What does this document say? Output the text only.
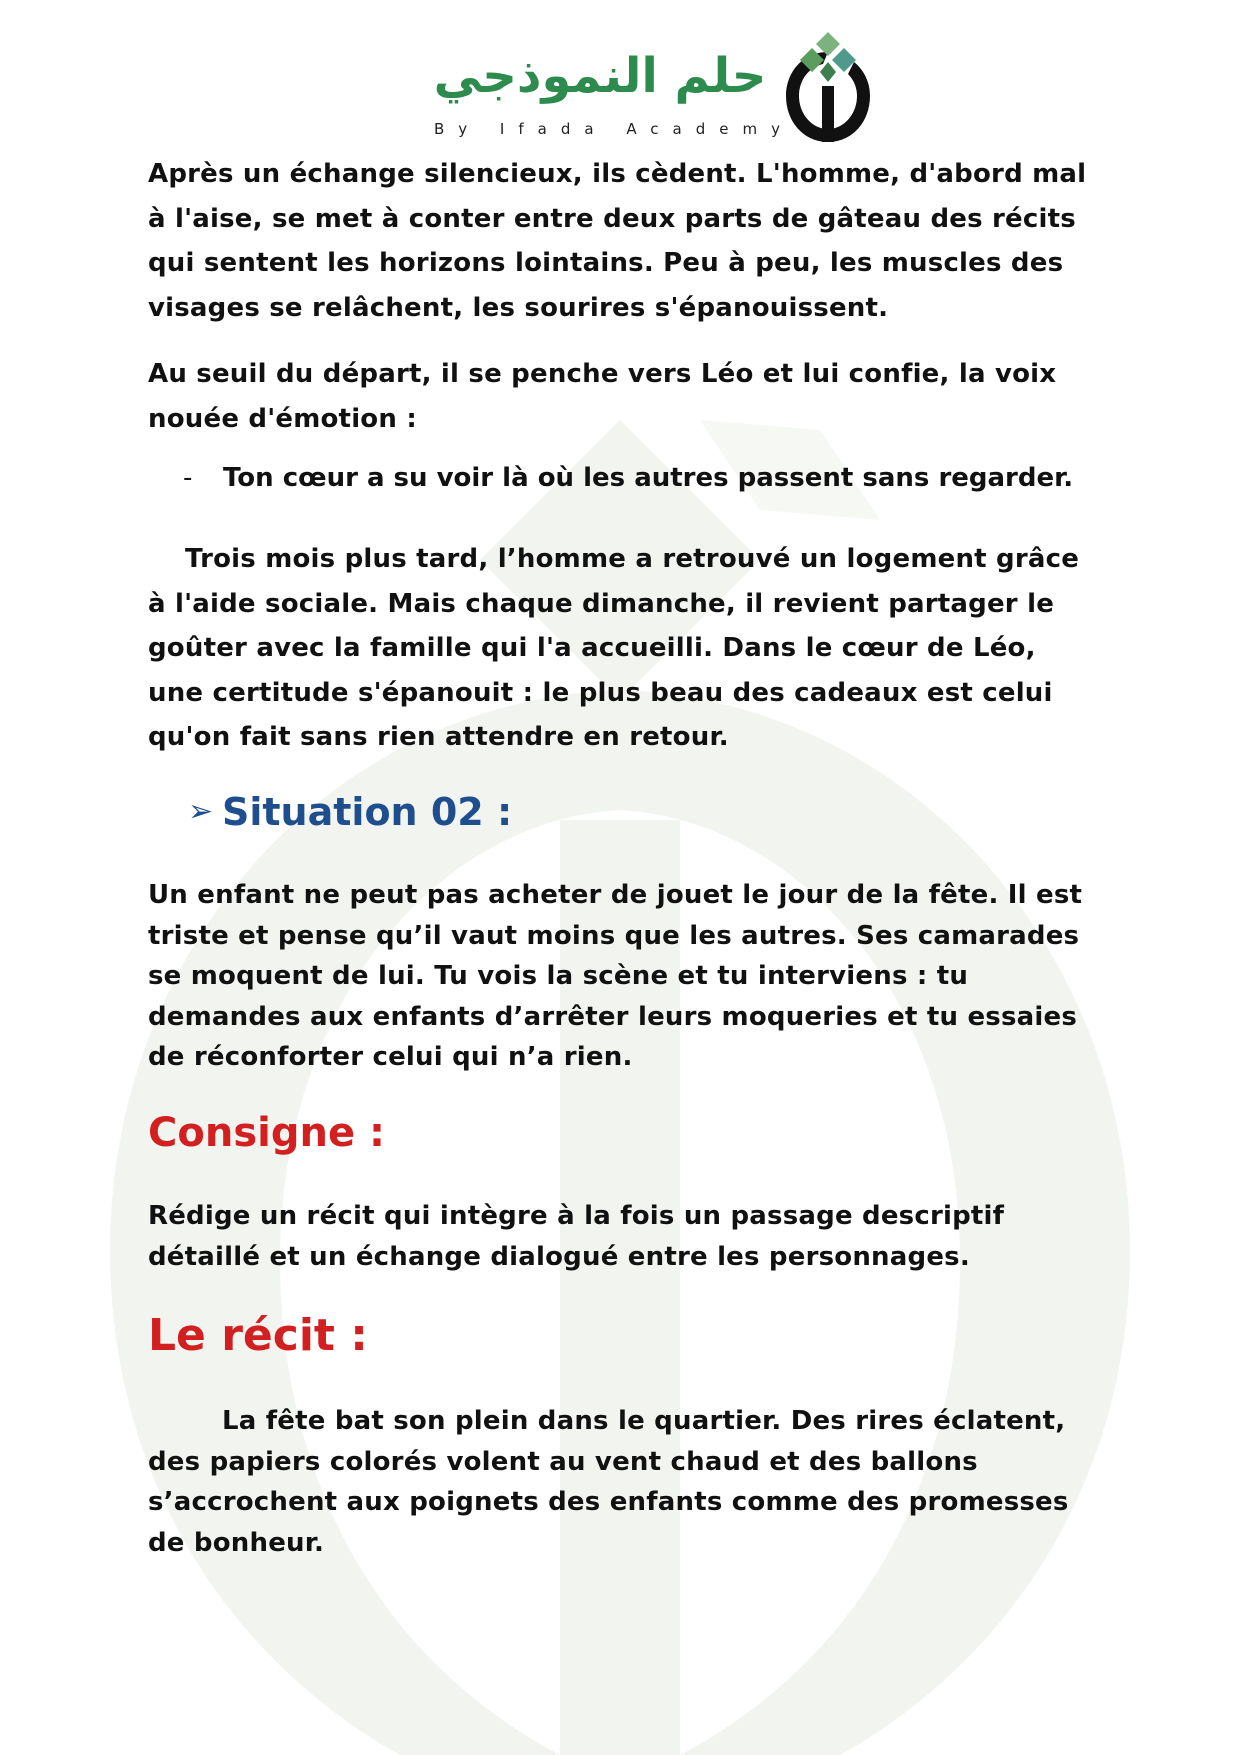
حلم النموذجي
By Ifada Academy
Après un échange silencieux, ils cèdent. L'homme, d'abord mal à l'aise, se met à conter entre deux parts de gâteau des récits qui sentent les horizons lointains. Peu à peu, les muscles des visages se relâchent, les sourires s'épanouissent.
Au seuil du départ, il se penche vers Léo et lui confie, la voix nouée d'émotion :
- Ton cœur a su voir là où les autres passent sans regarder.
Trois mois plus tard, l’homme a retrouvé un logement grâce à l'aide sociale. Mais chaque dimanche, il revient partager le goûter avec la famille qui l'a accueilli. Dans le cœur de Léo, une certitude s'épanouit : le plus beau des cadeaux est celui qu'on fait sans rien attendre en retour.
➢ Situation 02 :
Un enfant ne peut pas acheter de jouet le jour de la fête. Il est triste et pense qu’il vaut moins que les autres. Ses camarades se moquent de lui. Tu vois la scène et tu interviens : tu demandes aux enfants d’arrêter leurs moqueries et tu essaies de réconforter celui qui n’a rien.
Consigne :
Rédige un récit qui intègre à la fois un passage descriptif détaillé et un échange dialogué entre les personnages.
Le récit :
La fête bat son plein dans le quartier. Des rires éclatent, des papiers colorés volent au vent chaud et des ballons s’accrochent aux poignets des enfants comme des promesses de bonheur.
